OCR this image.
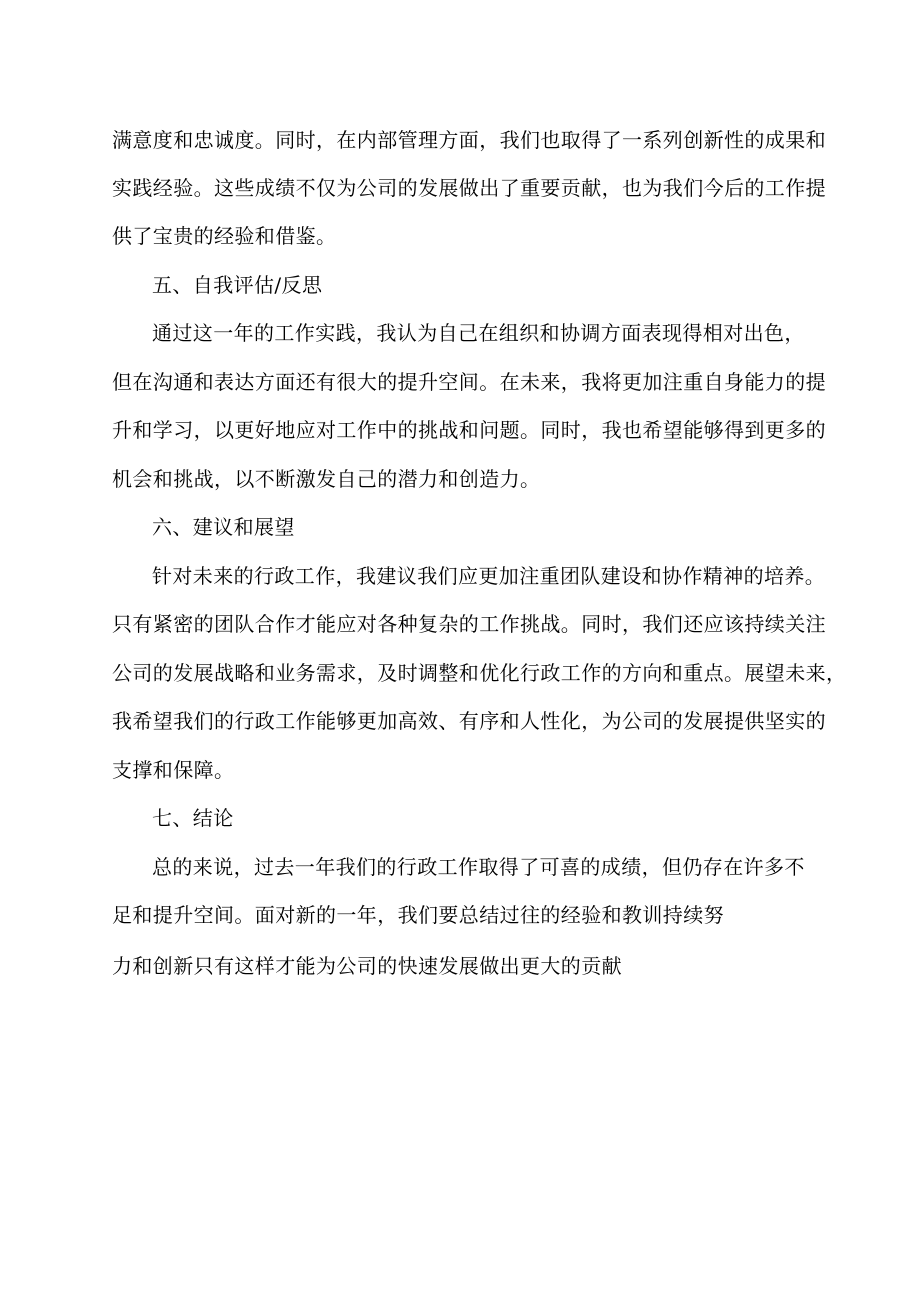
满意度和忠诚度。同时，在内部管理方面，我们也取得了一系列创新性的成果和
实践经验。这些成绩不仅为公司的发展做出了重要贡献，也为我们今后的工作提
供了宝贵的经验和借鉴。
五、自我评估/反思
通过这一年的工作实践，我认为自己在组织和协调方面表现得相对出色，
但在沟通和表达方面还有很大的提升空间。在未来，我将更加注重自身能力的提
升和学习，以更好地应对工作中的挑战和问题。同时，我也希望能够得到更多的
机会和挑战，以不断激发自己的潜力和创造力。
六、建议和展望
针对未来的行政工作，我建议我们应更加注重团队建设和协作精神的培养。
只有紧密的团队合作才能应对各种复杂的工作挑战。同时，我们还应该持续关注
公司的发展战略和业务需求，及时调整和优化行政工作的方向和重点。展望未来，
我希望我们的行政工作能够更加高效、有序和人性化，为公司的发展提供坚实的
支撑和保障。
七、结论
总的来说，过去一年我们的行政工作取得了可喜的成绩，但仍存在许多不
足和提升空间。面对新的一年，我们要总结过往的经验和教训持续努
力和创新只有这样才能为公司的快速发展做出更大的贡献
